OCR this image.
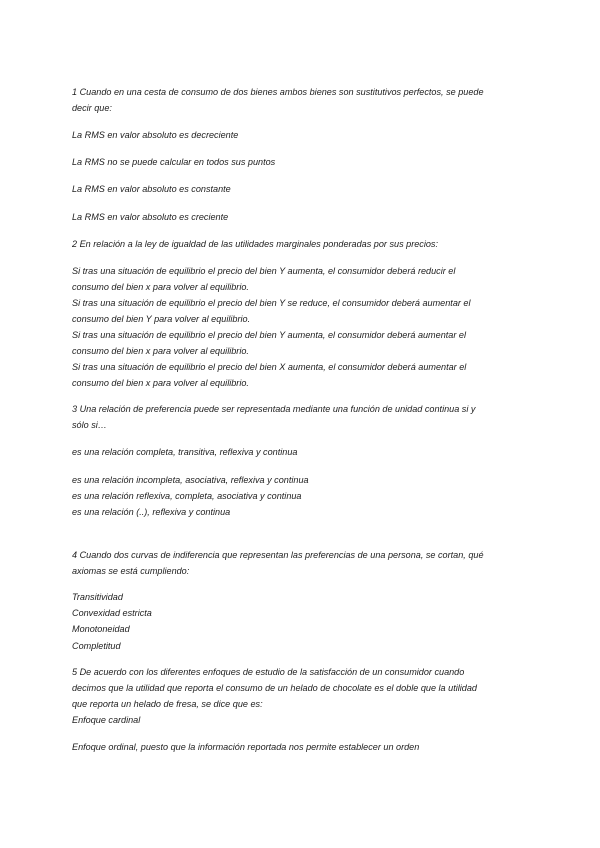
1 Cuando en una cesta de consumo de dos bienes ambos bienes son sustitutivos perfectos, se puede

decir que:

La RMS en valor absoluto es decreciente

La RMS no se puede calcular en todos sus puntos

La RMS en valor absoluto es constante

La RMS en valor absoluto es creciente

2 En relación a la ley de igualdad de las utilidades marginales ponderadas por sus precios:

Si tras una situación de equilibrio el precio del bien Y aumenta, el consumidor deberá reducir el

consumo del bien x para volver al equilibrio.

Si tras una situación de equilibrio el precio del bien Y se reduce, el consumidor deberá aumentar el

consumo del bien Y para volver al equilibrio.

Si tras una situación de equilibrio el precio del bien Y aumenta, el consumidor deberá aumentar el

consumo del bien x para volver al equilibrio.

Si tras una situación de equilibrio el precio del bien X aumenta, el consumidor deberá aumentar el

consumo del bien x para volver al equilibrio.

3 Una relación de preferencia puede ser representada mediante una función de unidad continua si y

sólo si…

es una relación completa, transitiva, reflexiva y continua

es una relación incompleta, asociativa, reflexiva y continua

es una relación reflexiva, completa, asociativa y continua

es una relación (..), reflexiva y continua

4 Cuando dos curvas de indiferencia que representan las preferencias de una persona, se cortan, qué

axiomas se está cumpliendo:

Transitividad

Convexidad estricta

Monotoneidad

Completitud

5 De acuerdo con los diferentes enfoques de estudio de la satisfacción de un consumidor cuando

decimos que la utilidad que reporta el consumo de un helado de chocolate es el doble que la utilidad

que reporta un helado de fresa, se dice que es:

Enfoque cardinal

Enfoque ordinal, puesto que la información reportada nos permite establecer un orden
